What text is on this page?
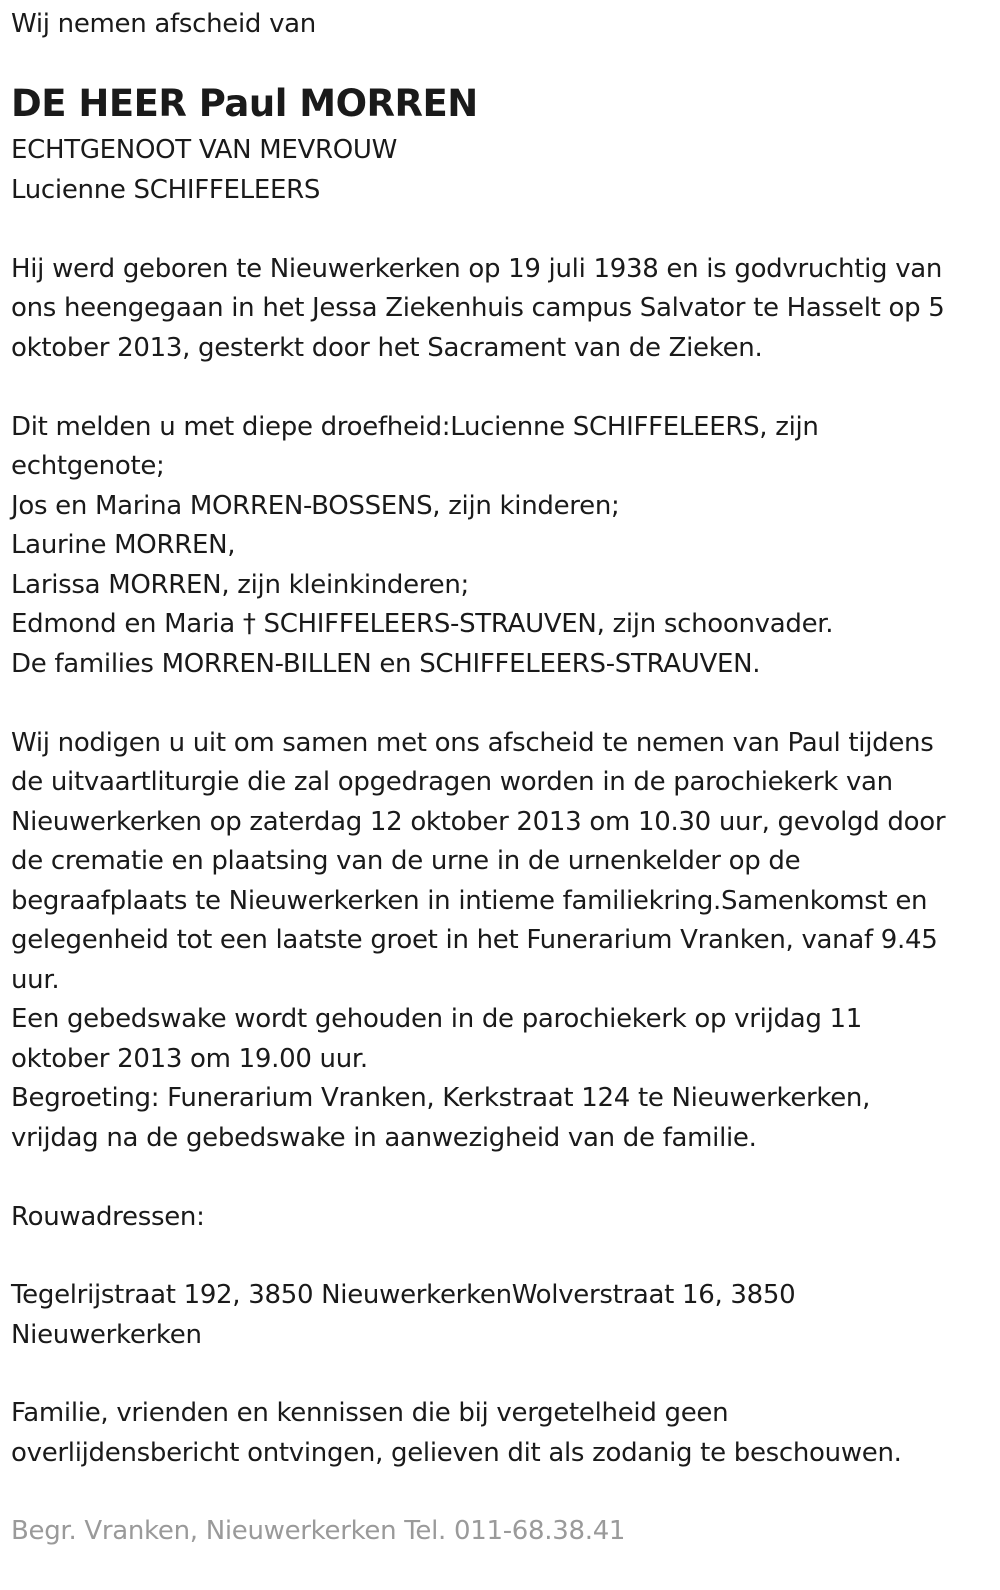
Wij nemen afscheid van
DE HEER Paul MORREN
ECHTGENOOT VAN MEVROUW
Lucienne SCHIFFELEERS
Hij werd geboren te Nieuwerkerken op 19 juli 1938 en is godvruchtig van
ons heengegaan in het Jessa Ziekenhuis campus Salvator te Hasselt op 5
oktober 2013, gesterkt door het Sacrament van de Zieken.
Dit melden u met diepe droefheid:Lucienne SCHIFFELEERS, zijn
echtgenote;
Jos en Marina MORREN-BOSSENS, zijn kinderen;
Laurine MORREN,
Larissa MORREN, zijn kleinkinderen;
Edmond en Maria † SCHIFFELEERS-STRAUVEN, zijn schoonvader.
De families MORREN-BILLEN en SCHIFFELEERS-STRAUVEN.
Wij nodigen u uit om samen met ons afscheid te nemen van Paul tijdens
de uitvaartliturgie die zal opgedragen worden in de parochiekerk van
Nieuwerkerken op zaterdag 12 oktober 2013 om 10.30 uur, gevolgd door
de crematie en plaatsing van de urne in de urnenkelder op de
begraafplaats te Nieuwerkerken in intieme familiekring.Samenkomst en
gelegenheid tot een laatste groet in het Funerarium Vranken, vanaf 9.45
uur.
Een gebedswake wordt gehouden in de parochiekerk op vrijdag 11
oktober 2013 om 19.00 uur.
Begroeting: Funerarium Vranken, Kerkstraat 124 te Nieuwerkerken,
vrijdag na de gebedswake in aanwezigheid van de familie.
Rouwadressen:
Tegelrijstraat 192, 3850 NieuwerkerkenWolverstraat 16, 3850
Nieuwerkerken
Familie, vrienden en kennissen die bij vergetelheid geen
overlijdensbericht ontvingen, gelieven dit als zodanig te beschouwen.
Begr. Vranken, Nieuwerkerken Tel. 011-68.38.41
